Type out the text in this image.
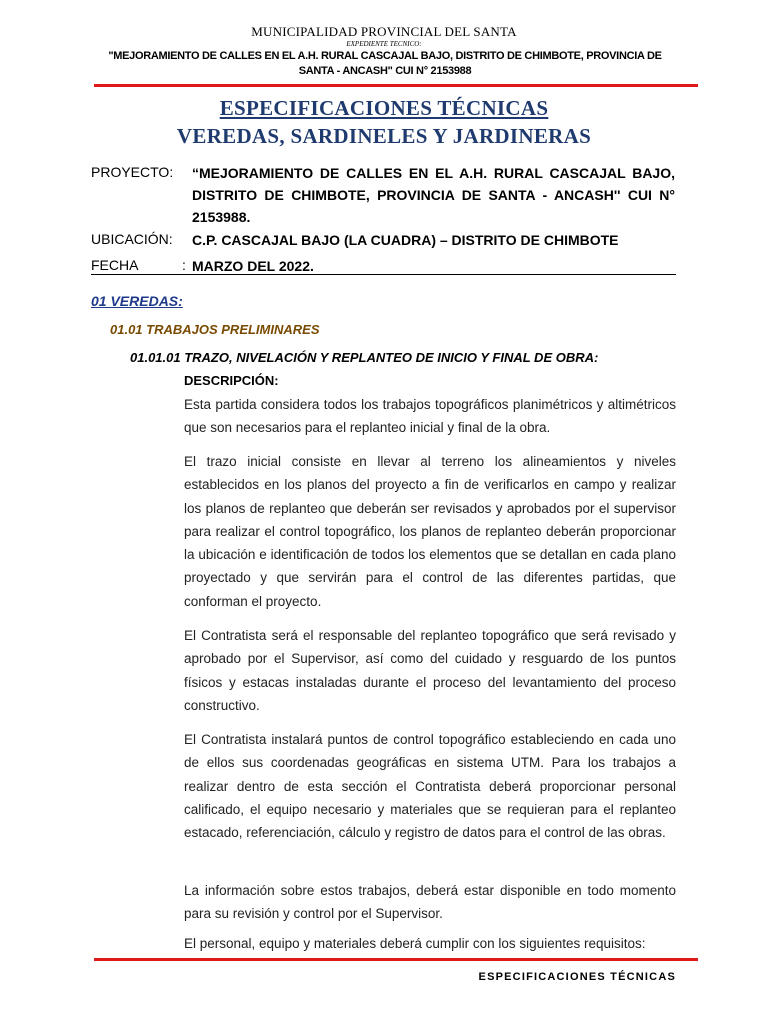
MUNICIPALIDAD PROVINCIAL DEL SANTA
EXPEDIENTE TECNICO:
"MEJORAMIENTO DE CALLES EN EL A.H. RURAL CASCAJAL BAJO, DISTRITO DE CHIMBOTE, PROVINCIA DE SANTA - ANCASH" CUI N° 2153988
ESPECIFICACIONES TÉCNICAS
VEREDAS, SARDINELES Y JARDINERAS
PROYECTO: “MEJORAMIENTO DE CALLES EN EL A.H. RURAL CASCAJAL BAJO, DISTRITO DE CHIMBOTE, PROVINCIA DE SANTA - ANCASH'' CUI N° 2153988.
UBICACIÓN: C.P. CASCAJAL BAJO (LA CUADRA) – DISTRITO DE CHIMBOTE
FECHA	: MARZO DEL 2022.
01 VEREDAS:
01.01 TRABAJOS PRELIMINARES
01.01.01 TRAZO, NIVELACIÓN Y REPLANTEO DE INICIO Y FINAL DE OBRA:
DESCRIPCIÓN:
Esta partida considera todos los trabajos topográficos planimétricos y altimétricos que son necesarios para el replanteo inicial y final de la obra.
El trazo inicial consiste en llevar al terreno los alineamientos y niveles establecidos en los planos del proyecto a fin de verificarlos en campo y realizar los planos de replanteo que deberán ser revisados y aprobados por el supervisor para realizar el control topográfico, los planos de replanteo deberán proporcionar la ubicación e identificación de todos los elementos que se detallan en cada plano proyectado y que servirán para el control de las diferentes partidas, que conforman el proyecto.
El Contratista será el responsable del replanteo topográfico que será revisado y aprobado por el Supervisor, así como del cuidado y resguardo de los puntos físicos y estacas instaladas durante el proceso del levantamiento del proceso constructivo.
El Contratista instalará puntos de control topográfico estableciendo en cada uno de ellos sus coordenadas geográficas en sistema UTM. Para los trabajos a realizar dentro de esta sección el Contratista deberá proporcionar personal calificado, el equipo necesario y materiales que se requieran para el replanteo estacado, referenciación, cálculo y registro de datos para el control de las obras.
La información sobre estos trabajos, deberá estar disponible en todo momento para su revisión y control por el Supervisor.
El personal, equipo y materiales deberá cumplir con los siguientes requisitos:
ESPECIFICACIONES TÉCNICAS
